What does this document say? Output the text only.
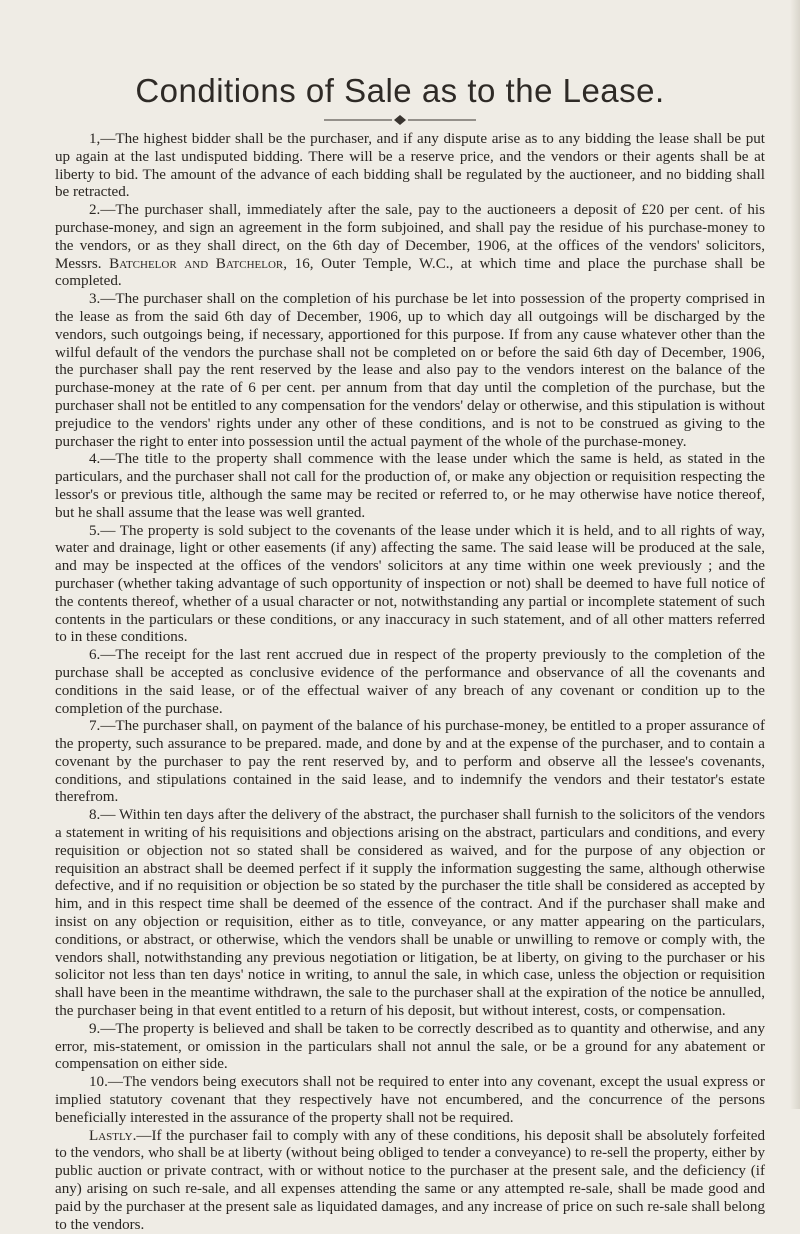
Conditions of Sale as to the Lease.

1,—The highest bidder shall be the purchaser, and if any dispute arise as to any bidding the lease shall be put up again at the last undisputed bidding. There will be a reserve price, and the vendors or their agents shall be at liberty to bid. The amount of the advance of each bidding shall be regulated by the auctioneer, and no bidding shall be retracted.

2.—The purchaser shall, immediately after the sale, pay to the auctioneers a deposit of £20 per cent. of his purchase-money, and sign an agreement in the form subjoined, and shall pay the residue of his purchase-money to the vendors, or as they shall direct, on the 6th day of December, 1906, at the offices of the vendors' solicitors, Messrs. Batchelor and Batchelor, 16, Outer Temple, W.C., at which time and place the purchase shall be completed.

3.—The purchaser shall on the completion of his purchase be let into possession of the property comprised in the lease as from the said 6th day of December, 1906, up to which day all outgoings will be discharged by the vendors, such outgoings being, if necessary, apportioned for this purpose. If from any cause whatever other than the wilful default of the vendors the purchase shall not be completed on or before the said 6th day of December, 1906, the purchaser shall pay the rent reserved by the lease and also pay to the vendors interest on the balance of the purchase-money at the rate of 6 per cent. per annum from that day until the completion of the purchase, but the purchaser shall not be entitled to any compensation for the vendors' delay or otherwise, and this stipulation is without prejudice to the vendors' rights under any other of these conditions, and is not to be construed as giving to the purchaser the right to enter into possession until the actual payment of the whole of the purchase-money.

4.—The title to the property shall commence with the lease under which the same is held, as stated in the particulars, and the purchaser shall not call for the production of, or make any objection or requisition respecting the lessor's or previous title, although the same may be recited or referred to, or he may otherwise have notice thereof, but he shall assume that the lease was well granted.

5.— The property is sold subject to the covenants of the lease under which it is held, and to all rights of way, water and drainage, light or other easements (if any) affecting the same. The said lease will be produced at the sale, and may be inspected at the offices of the vendors' solicitors at any time within one week previously ; and the purchaser (whether taking advantage of such opportunity of inspection or not) shall be deemed to have full notice of the contents thereof, whether of a usual character or not, notwithstanding any partial or incomplete statement of such contents in the particulars or these conditions, or any inaccuracy in such statement, and of all other matters referred to in these conditions.

6.—The receipt for the last rent accrued due in respect of the property previously to the completion of the purchase shall be accepted as conclusive evidence of the performance and observance of all the covenants and conditions in the said lease, or of the effectual waiver of any breach of any covenant or condition up to the completion of the purchase.

7.—The purchaser shall, on payment of the balance of his purchase-money, be entitled to a proper assurance of the property, such assurance to be prepared. made, and done by and at the expense of the purchaser, and to contain a covenant by the purchaser to pay the rent reserved by, and to perform and observe all the lessee's covenants, conditions, and stipulations contained in the said lease, and to indemnify the vendors and their testator's estate therefrom.

8.— Within ten days after the delivery of the abstract, the purchaser shall furnish to the solicitors of the vendors a statement in writing of his requisitions and objections arising on the abstract, particulars and conditions, and every requisition or objection not so stated shall be considered as waived, and for the purpose of any objection or requisition an abstract shall be deemed perfect if it supply the information suggesting the same, although otherwise defective, and if no requisition or objection be so stated by the purchaser the title shall be considered as accepted by him, and in this respect time shall be deemed of the essence of the contract. And if the purchaser shall make and insist on any objection or requisition, either as to title, conveyance, or any matter appearing on the particulars, conditions, or abstract, or otherwise, which the vendors shall be unable or unwilling to remove or comply with, the vendors shall, notwithstanding any previous negotiation or litigation, be at liberty, on giving to the purchaser or his solicitor not less than ten days' notice in writing, to annul the sale, in which case, unless the objection or requisition shall have been in the meantime withdrawn, the sale to the purchaser shall at the expiration of the notice be annulled, the purchaser being in that event entitled to a return of his deposit, but without interest, costs, or compensation.

9.—The property is believed and shall be taken to be correctly described as to quantity and otherwise, and any error, mis-statement, or omission in the particulars shall not annul the sale, or be a ground for any abatement or compensation on either side.

10.—The vendors being executors shall not be required to enter into any covenant, except the usual express or implied statutory covenant that they respectively have not encumbered, and the concurrence of the persons beneficially interested in the assurance of the property shall not be required.

Lastly.—If the purchaser fail to comply with any of these conditions, his deposit shall be absolutely forfeited to the vendors, who shall be at liberty (without being obliged to tender a conveyance) to re-sell the property, either by public auction or private contract, with or without notice to the purchaser at the present sale, and the deficiency (if any) arising on such re-sale, and all expenses attending the same or any attempted re-sale, shall be made good and paid by the purchaser at the present sale as liquidated damages, and any increase of price on such re-sale shall belong to the vendors.
